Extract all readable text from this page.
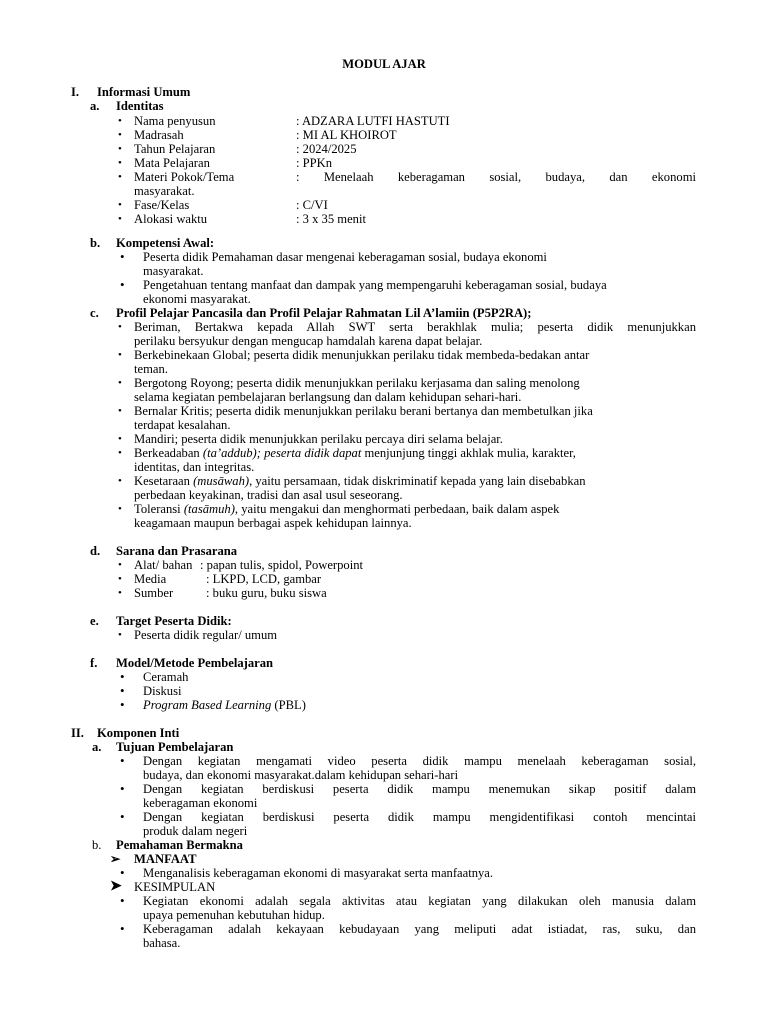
MODUL AJAR
I. Informasi Umum
a. Identitas
• Nama penyusun	: ADZARA LUTFI HASTUTI
• Madrasah	: MI AL KHOIROT
• Tahun Pelajaran	: 2024/2025
• Mata Pelajaran	: PPKn
• Materi Pokok/Tema	: Menelaah keberagaman sosial, budaya, dan ekonomi
masyarakat.
• Fase/Kelas	: C/VI
• Alokasi waktu	: 3 x 35 menit
b. Kompetensi Awal:
• Peserta didik Pemahaman dasar mengenai keberagaman sosial, budaya ekonomi
masyarakat.
• Pengetahuan tentang manfaat dan dampak yang mempengaruhi keberagaman sosial, budaya
ekonomi masyarakat.
c. Profil Pelajar Pancasila dan Profil Pelajar Rahmatan Lil A’lamiin (P5P2RA);
• Beriman, Bertakwa kepada Allah SWT serta berakhlak mulia; peserta didik menunjukkan
perilaku bersyukur dengan mengucap hamdalah karena dapat belajar.
• Berkebinekaan Global; peserta didik menunjukkan perilaku tidak membeda-bedakan antar
teman.
• Bergotong Royong; peserta didik menunjukkan perilaku kerjasama dan saling menolong
selama kegiatan pembelajaran berlangsung dan dalam kehidupan sehari-hari.
• Bernalar Kritis; peserta didik menunjukkan perilaku berani bertanya dan membetulkan jika
terdapat kesalahan.
• Mandiri; peserta didik menunjukkan perilaku percaya diri selama belajar.
• Berkeadaban (ta’addub); peserta didik dapat menjunjung tinggi akhlak mulia, karakter,
identitas, dan integritas.
• Kesetaraan (musāwah), yaitu persamaan, tidak diskriminatif kepada yang lain disebabkan
perbedaan keyakinan, tradisi dan asal usul seseorang.
• Toleransi (tasāmuh), yaitu mengakui dan menghormati perbedaan, baik dalam aspek
keagamaan maupun berbagai aspek kehidupan lainnya.
d. Sarana dan Prasarana
• Alat/ bahan : papan tulis, spidol, Powerpoint
• Media	: LKPD, LCD, gambar
• Sumber	: buku guru, buku siswa
e. Target Peserta Didik:
• Peserta didik regular/ umum
f. Model/Metode Pembelajaran
• Ceramah
• Diskusi
• Program Based Learning (PBL)
II. Komponen Inti
a. Tujuan Pembelajaran
• Dengan kegiatan mengamati video peserta didik mampu menelaah keberagaman sosial,
budaya, dan ekonomi masyarakat.dalam kehidupan sehari-hari
• Dengan kegiatan berdiskusi peserta didik mampu menemukan sikap positif dalam
keberagaman ekonomi
• Dengan kegiatan berdiskusi peserta didik mampu mengidentifikasi contoh mencintai
produk dalam negeri
b. Pemahaman Bermakna
➢ MANFAAT
• Menganalisis keberagaman ekonomi di masyarakat serta manfaatnya.
➤ KESIMPULAN
• Kegiatan ekonomi adalah segala aktivitas atau kegiatan yang dilakukan oleh manusia dalam
upaya pemenuhan kebutuhan hidup.
• Keberagaman adalah kekayaan kebudayaan yang meliputi adat istiadat, ras, suku, dan
bahasa.
